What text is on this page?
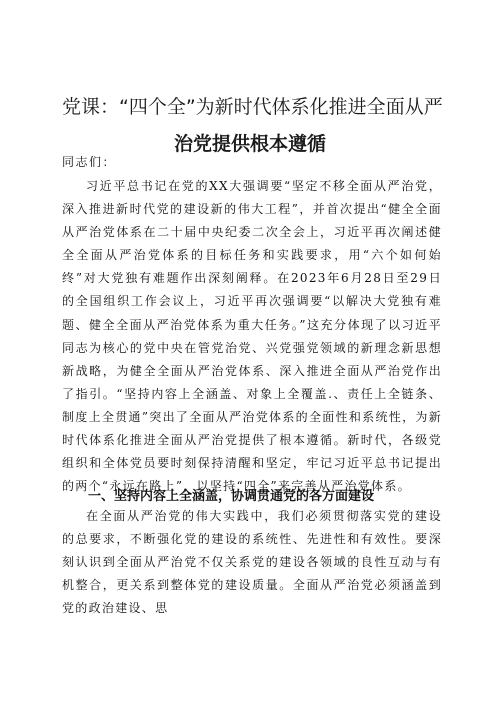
党课：“四个全”为新时代体系化推进全面从严
治党提供根本遵循
同志们：

习近平总书记在党的XX大强调要“坚定不移全面从严治党，深入推进新时代党的建设新的伟大工程”，并首次提出“健全全面从严治党体系在二十届中央纪委二次全会上，习近平再次阐述健全全面从严治党体系的目标任务和实践要求，用“六个如何始终”对大党独有难题作出深刻阐释。在2023年6月28日至29日的全国组织工作会议上，习近平再次强调要“以解决大党独有难题、健全全面从严治党体系为重大任务。”这充分体现了以习近平同志为核心的党中央在管党治党、兴党强党领域的新理念新思想新战略，为健全全面从严治党体系、深入推进全面从严治党作出了指引。“坚持内容上全涵盖、对象上全覆盖.、责任上全链条、制度上全贯通”突出了全面从严治党体系的全面性和系统性，为新时代体系化推进全面从严治党提供了根本遵循。新时代，各级党组织和全体党员要时刻保持清醒和坚定，牢记习近平总书记提出的两个“永远在路上”，以坚持“四全”来完善从严治党体系。

一、坚持内容上全涵盖，协调贯通党的各方面建设

在全面从严治党的伟大实践中，我们必须贯彻落实党的建设的总要求，不断强化党的建设的系统性、先进性和有效性。要深刻认识到全面从严治党不仅关系党的建设各领域的良性互动与有机整合，更关系到整体党的建设质量。全面从严治党必须涵盖到党的政治建设、思
